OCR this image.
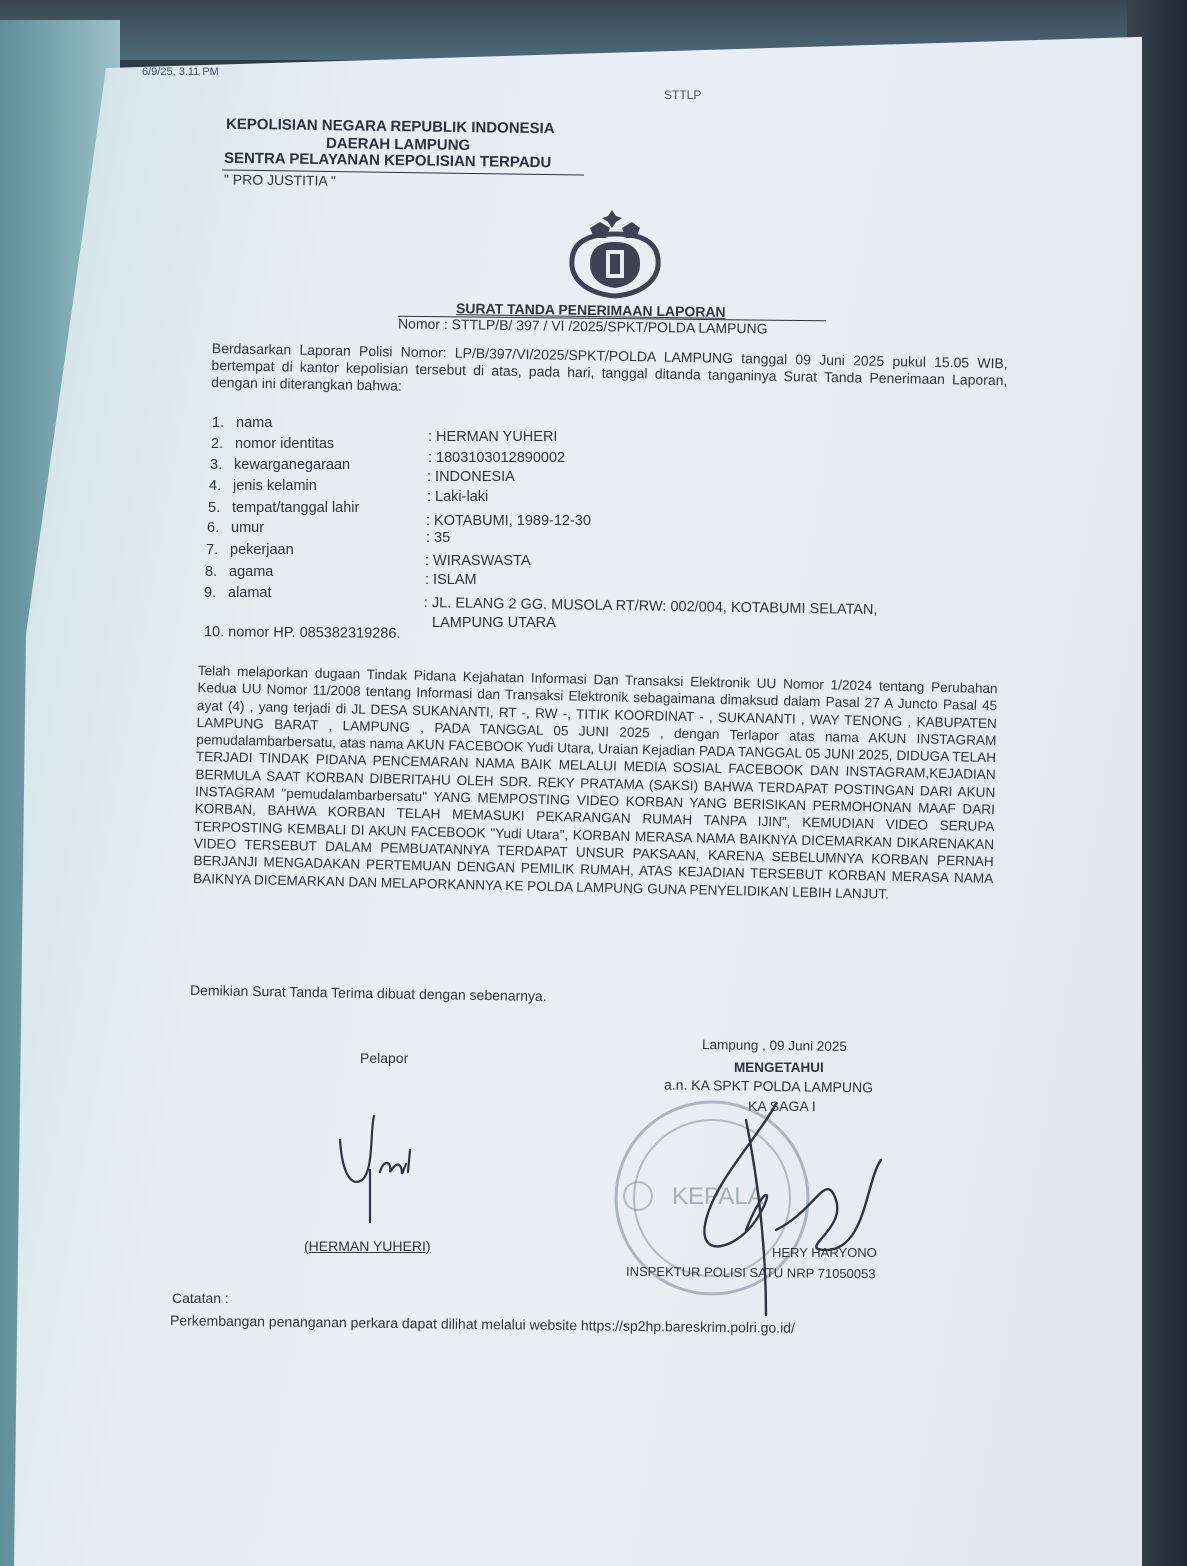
6/9/25, 3.11 PM
STTLP
KEPOLISIAN NEGARA REPUBLIK INDONESIA
DAERAH LAMPUNG
SENTRA PELAYANAN KEPOLISIAN TERPADU
" PRO JUSTITIA "
SURAT TANDA PENERIMAAN LAPORAN
Nomor : STTLP/B/ 397 / VI /2025/SPKT/POLDA LAMPUNG
Berdasarkan Laporan Polisi Nomor: LP/B/397/VI/2025/SPKT/POLDA LAMPUNG tanggal 09 Juni 2025 pukul 15.05 WIB, bertempat di kantor kepolisian tersebut di atas, pada hari, tanggal ditanda tanganinya Surat Tanda Penerimaan Laporan, dengan ini diterangkan bahwa:
1. nama
: HERMAN YUHERI
2. nomor identitas
: 1803103012890002
3. kewarganegaraan
: INDONESIA
4. jenis kelamin
: Laki-laki
5. tempat/tanggal lahir
: KOTABUMI, 1989-12-30
6. umur
: 35
7. pekerjaan
: WIRASWASTA
8. agama	: ISLAM
9. alamat
: JL. ELANG 2 GG. MUSOLA RT/RW: 002/004, KOTABUMI SELATAN,
LAMPUNG UTARA
10. nomor HP. 085382319286.
Telah melaporkan dugaan Tindak Pidana Kejahatan Informasi Dan Transaksi Elektronik UU Nomor 1/2024 tentang Perubahan Kedua UU Nomor 11/2008 tentang Informasi dan Transaksi Elektronik sebagaimana dimaksud dalam Pasal 27 A Juncto Pasal 45 ayat (4) , yang terjadi di JL DESA SUKANANTI, RT -, RW -, TITIK KOORDINAT - , SUKANANTI , WAY TENONG , KABUPATEN LAMPUNG BARAT , LAMPUNG , PADA TANGGAL 05 JUNI 2025 , dengan Terlapor atas nama AKUN INSTAGRAM pemudalambarbersatu, atas nama AKUN FACEBOOK Yudi Utara, Uraian Kejadian PADA TANGGAL 05 JUNI 2025, DIDUGA TELAH TERJADI TINDAK PIDANA PENCEMARAN NAMA BAIK MELALUI MEDIA SOSIAL FACEBOOK DAN INSTAGRAM,KEJADIAN BERMULA SAAT KORBAN DIBERITAHU OLEH SDR. REKY PRATAMA (SAKSI) BAHWA TERDAPAT POSTINGAN DARI AKUN INSTAGRAM "pemudalambarbersatu" YANG MEMPOSTING VIDEO KORBAN YANG BERISIKAN PERMOHONAN MAAF DARI KORBAN, BAHWA KORBAN TELAH MEMASUKI PEKARANGAN RUMAH TANPA IJIN", KEMUDIAN VIDEO SERUPA TERPOSTING KEMBALI DI AKUN FACEBOOK "Yudi Utara", KORBAN MERASA NAMA BAIKNYA DICEMARKAN DIKARENAKAN VIDEO TERSEBUT DALAM PEMBUATANNYA TERDAPAT UNSUR PAKSAAN, KARENA SEBELUMNYA KORBAN PERNAH BERJANJI MENGADAKAN PERTEMUAN DENGAN PEMILIK RUMAH, ATAS KEJADIAN TERSEBUT KORBAN MERASA NAMA BAIKNYA DICEMARKAN DAN MELAPORKANNYA KE POLDA LAMPUNG GUNA PENYELIDIKAN LEBIH LANJUT.
Demikian Surat Tanda Terima dibuat dengan sebenarnya.
Lampung , 09 Juni 2025
MENGETAHUI
a.n. KA SPKT POLDA LAMPUNG
KA SAGA I
Pelapor
KEPALA
(HERMAN YUHERI)	HERY HARYONO
INSPEKTUR POLISI SATU NRP 71050053
Catatan :
Perkembangan penanganan perkara dapat dilihat melalui website https://sp2hp.bareskrim.polri.go.id/
